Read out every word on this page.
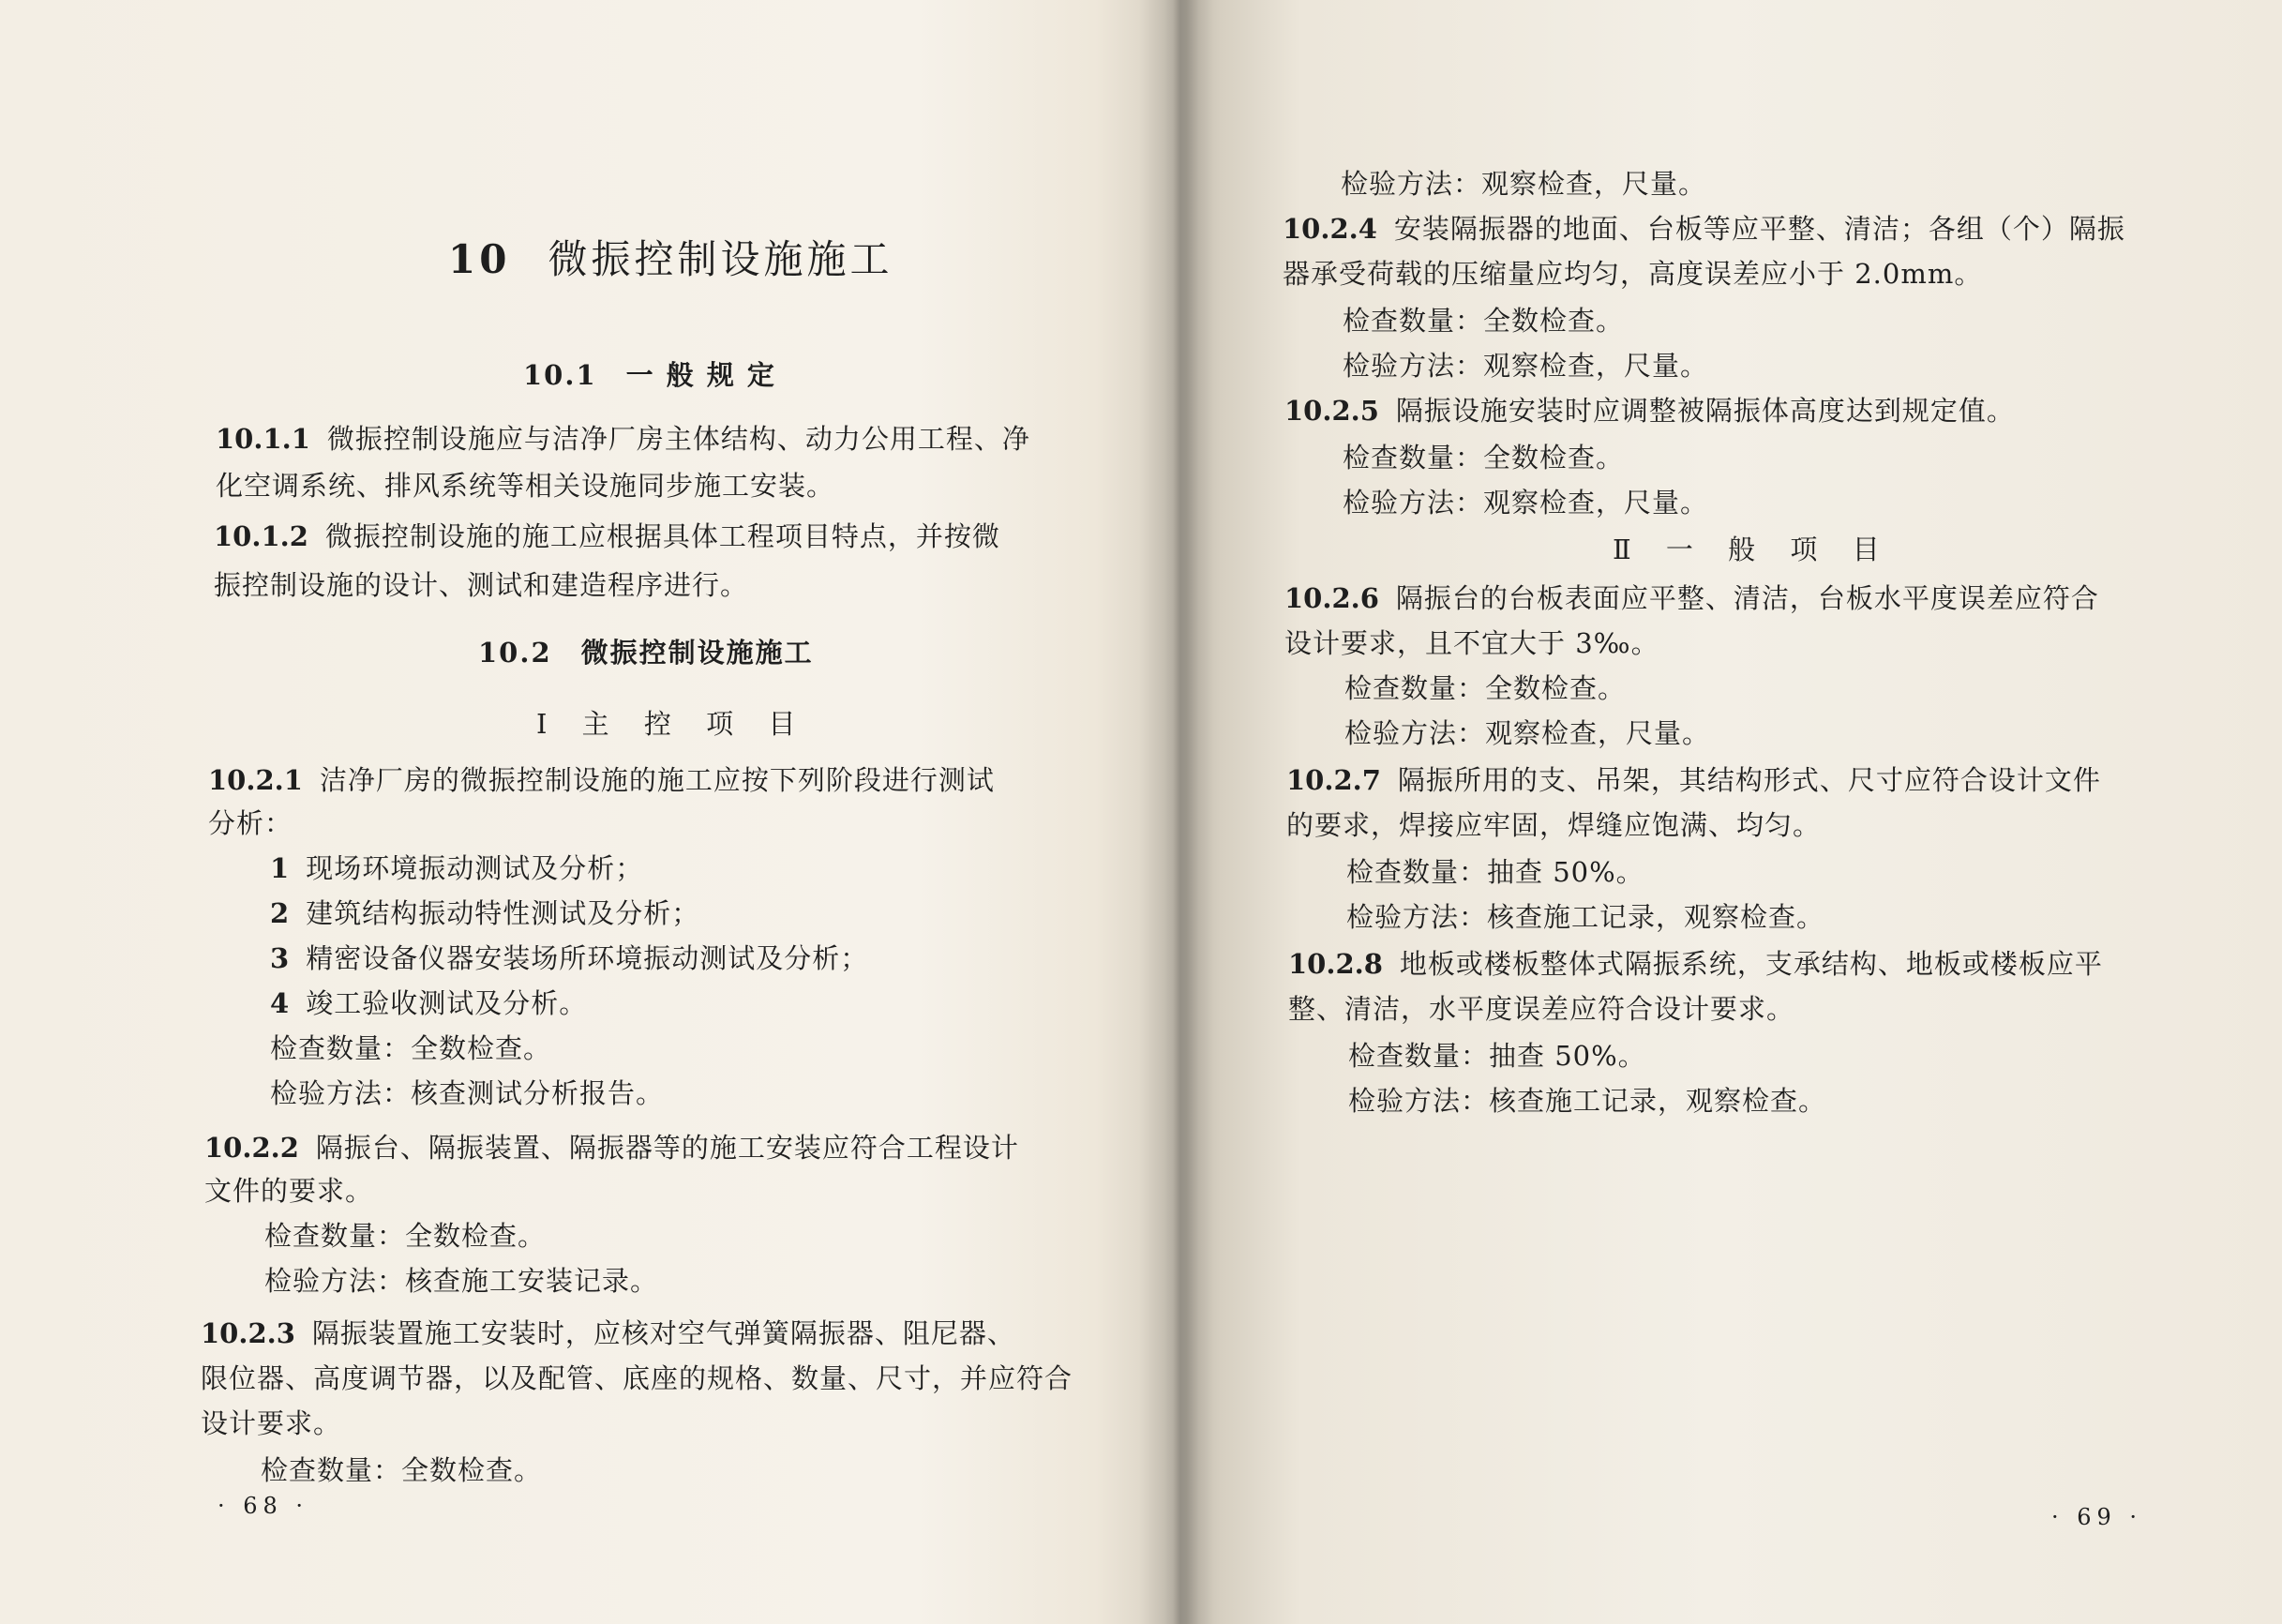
10 微振控制设施施工
10.1　一 般 规 定
10.1.1 微振控制设施应与洁净厂房主体结构、动力公用工程、净
化空调系统、排风系统等相关设施同步施工安装。
10.1.2 微振控制设施的施工应根据具体工程项目特点，并按微
振控制设施的设计、测试和建造程序进行。
10.2　微振控制设施施工
Ⅰ 主 控 项 目
10.2.1 洁净厂房的微振控制设施的施工应按下列阶段进行测试
分析：
1 现场环境振动测试及分析；
2 建筑结构振动特性测试及分析；
3 精密设备仪器安装场所环境振动测试及分析；
4 竣工验收测试及分析。
检查数量：全数检查。
检验方法：核查测试分析报告。
10.2.2 隔振台、隔振装置、隔振器等的施工安装应符合工程设计
文件的要求。
检查数量：全数检查。
检验方法：核查施工安装记录。
10.2.3 隔振装置施工安装时，应核对空气弹簧隔振器、阻尼器、
限位器、高度调节器，以及配管、底座的规格、数量、尺寸，并应符合
设计要求。
检查数量：全数检查。
· 68 ·
检验方法：观察检查，尺量。
10.2.4 安装隔振器的地面、台板等应平整、清洁；各组（个）隔振
器承受荷载的压缩量应均匀，高度误差应小于 2.0mm。
检查数量：全数检查。
检验方法：观察检查，尺量。
10.2.5 隔振设施安装时应调整被隔振体高度达到规定值。
检查数量：全数检查。
检验方法：观察检查，尺量。
Ⅱ 一 般 项 目
10.2.6 隔振台的台板表面应平整、清洁，台板水平度误差应符合
设计要求，且不宜大于 3‰。
检查数量：全数检查。
检验方法：观察检查，尺量。
10.2.7 隔振所用的支、吊架，其结构形式、尺寸应符合设计文件
的要求，焊接应牢固，焊缝应饱满、均匀。
检查数量：抽查 50%。
检验方法：核查施工记录，观察检查。
10.2.8 地板或楼板整体式隔振系统，支承结构、地板或楼板应平
整、清洁，水平度误差应符合设计要求。
检查数量：抽查 50%。
检验方法：核查施工记录，观察检查。
· 69 ·
